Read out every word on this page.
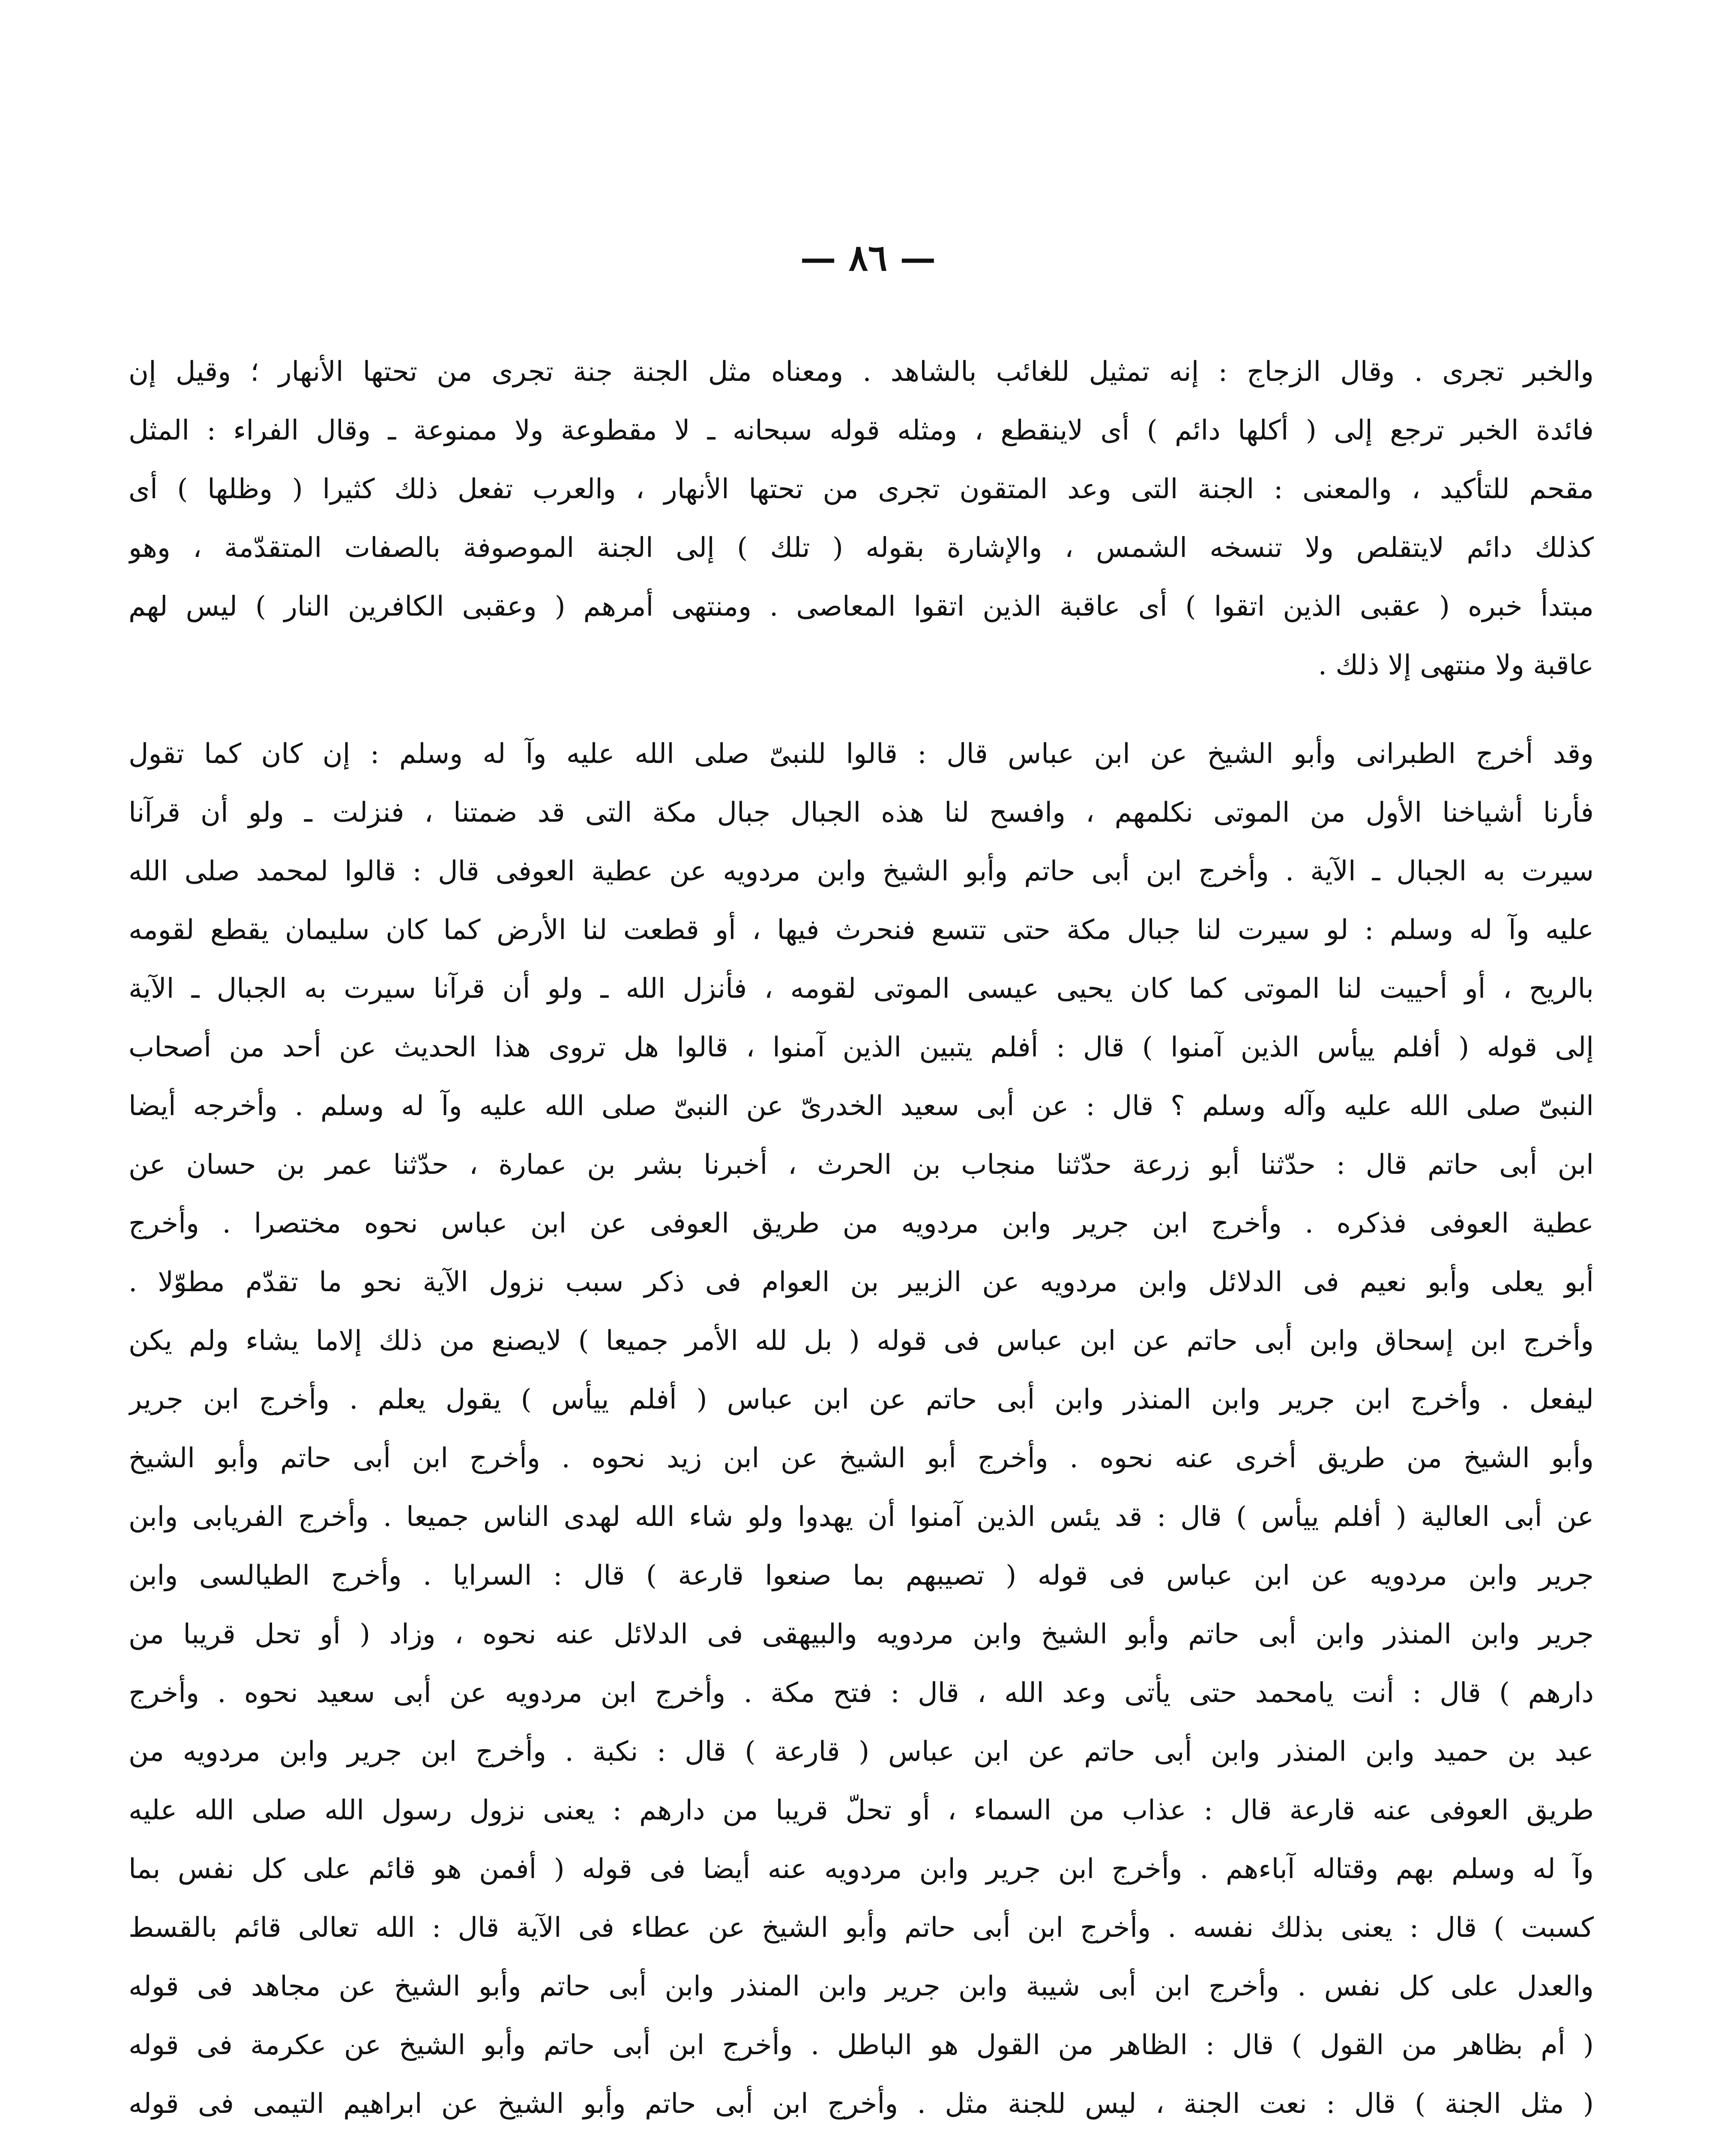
— ٨٦ —

والخبر تجرى . وقال الزجاج : إنه تمثيل للغائب بالشاهد . ومعناه مثل الجنة جنة تجرى من تحتها الأنهار ؛ وقيل إن
فائدة الخبر ترجع إلى ( أكلها دائم ) أى لاينقطع ، ومثله قوله سبحانه ـ لا مقطوعة ولا ممنوعة ـ وقال الفراء : المثل
مقحم للتأكيد ، والمعنى : الجنة التى وعد المتقون تجرى من تحتها الأنهار ، والعرب تفعل ذلك كثيرا ( وظلها ) أى
كذلك دائم لايتقلص ولا تنسخه الشمس ، والإشارة بقوله ( تلك ) إلى الجنة الموصوفة بالصفات المتقدّمة ، وهو
مبتدأ خبره ( عقبى الذين اتقوا ) أى عاقبة الذين اتقوا المعاصى . ومنتهى أمرهم ( وعقبى الكافرين النار ) ليس لهم
عاقبة ولا منتهى إلا ذلك .

وقد أخرج الطبرانى وأبو الشيخ عن ابن عباس قال : قالوا للنبىّ صلى الله عليه وآ له وسلم : إن كان كما تقول
فأرنا أشياخنا الأول من الموتى نكلمهم ، وافسح لنا هذه الجبال جبال مكة التى قد ضمتنا ، فنزلت ـ ولو أن قرآنا
سيرت به الجبال ـ الآية . وأخرج ابن أبى حاتم وأبو الشيخ وابن مردويه عن عطية العوفى قال : قالوا لمحمد صلى الله
عليه وآ له وسلم : لو سيرت لنا جبال مكة حتى تتسع فنحرث فيها ، أو قطعت لنا الأرض كما كان سليمان يقطع لقومه
بالريح ، أو أحييت لنا الموتى كما كان يحيى عيسى الموتى لقومه ، فأنزل الله ـ ولو أن قرآنا سيرت به الجبال ـ الآية
إلى قوله ( أفلم ييأس الذين آمنوا ) قال : أفلم يتبين الذين آمنوا ، قالوا هل تروى هذا الحديث عن أحد من أصحاب
النبىّ صلى الله عليه وآله وسلم ؟ قال : عن أبى سعيد الخدرىّ عن النبىّ صلى الله عليه وآ له وسلم . وأخرجه أيضا
ابن أبى حاتم قال : حدّثنا أبو زرعة حدّثنا منجاب بن الحرث ، أخبرنا بشر بن عمارة ، حدّثنا عمر بن حسان عن
عطية العوفى فذكره . وأخرج ابن جرير وابن مردويه من طريق العوفى عن ابن عباس نحوه مختصرا . وأخرج
أبو يعلى وأبو نعيم فى الدلائل وابن مردويه عن الزبير بن العوام فى ذكر سبب نزول الآية نحو ما تقدّم مطوّلا .
وأخرج ابن إسحاق وابن أبى حاتم عن ابن عباس فى قوله ( بل لله الأمر جميعا ) لايصنع من ذلك إلاما يشاء ولم يكن
ليفعل . وأخرج ابن جرير وابن المنذر وابن أبى حاتم عن ابن عباس ( أفلم ييأس ) يقول يعلم . وأخرج ابن جرير
وأبو الشيخ من طريق أخرى عنه نحوه . وأخرج أبو الشيخ عن ابن زيد نحوه . وأخرج ابن أبى حاتم وأبو الشيخ
عن أبى العالية ( أفلم ييأس ) قال : قد يئس الذين آمنوا أن يهدوا ولو شاء الله لهدى الناس جميعا . وأخرج الفريابى وابن
جرير وابن مردويه عن ابن عباس فى قوله ( تصيبهم بما صنعوا قارعة ) قال : السرايا . وأخرج الطيالسى وابن
جرير وابن المنذر وابن أبى حاتم وأبو الشيخ وابن مردويه والبيهقى فى الدلائل عنه نحوه ، وزاد ( أو تحل قريبا من
دارهم ) قال : أنت يامحمد حتى يأتى وعد الله ، قال : فتح مكة . وأخرج ابن مردويه عن أبى سعيد نحوه . وأخرج
عبد بن حميد وابن المنذر وابن أبى حاتم عن ابن عباس ( قارعة ) قال : نكبة . وأخرج ابن جرير وابن مردويه من
طريق العوفى عنه قارعة قال : عذاب من السماء ، أو تحلّ قريبا من دارهم : يعنى نزول رسول الله صلى الله عليه
وآ له وسلم بهم وقتاله آباءهم . وأخرج ابن جرير وابن مردويه عنه أيضا فى قوله ( أفمن هو قائم على كل نفس بما
كسبت ) قال : يعنى بذلك نفسه . وأخرج ابن أبى حاتم وأبو الشيخ عن عطاء فى الآية قال : الله تعالى قائم بالقسط
والعدل على كل نفس . وأخرج ابن أبى شيبة وابن جرير وابن المنذر وابن أبى حاتم وأبو الشيخ عن مجاهد فى قوله
( أم بظاهر من القول ) قال : الظاهر من القول هو الباطل . وأخرج ابن أبى حاتم وأبو الشيخ عن عكرمة فى قوله
( مثل الجنة ) قال : نعت الجنة ، ليس للجنة مثل . وأخرج ابن أبى حاتم وأبو الشيخ عن ابراهيم التيمى فى قوله
